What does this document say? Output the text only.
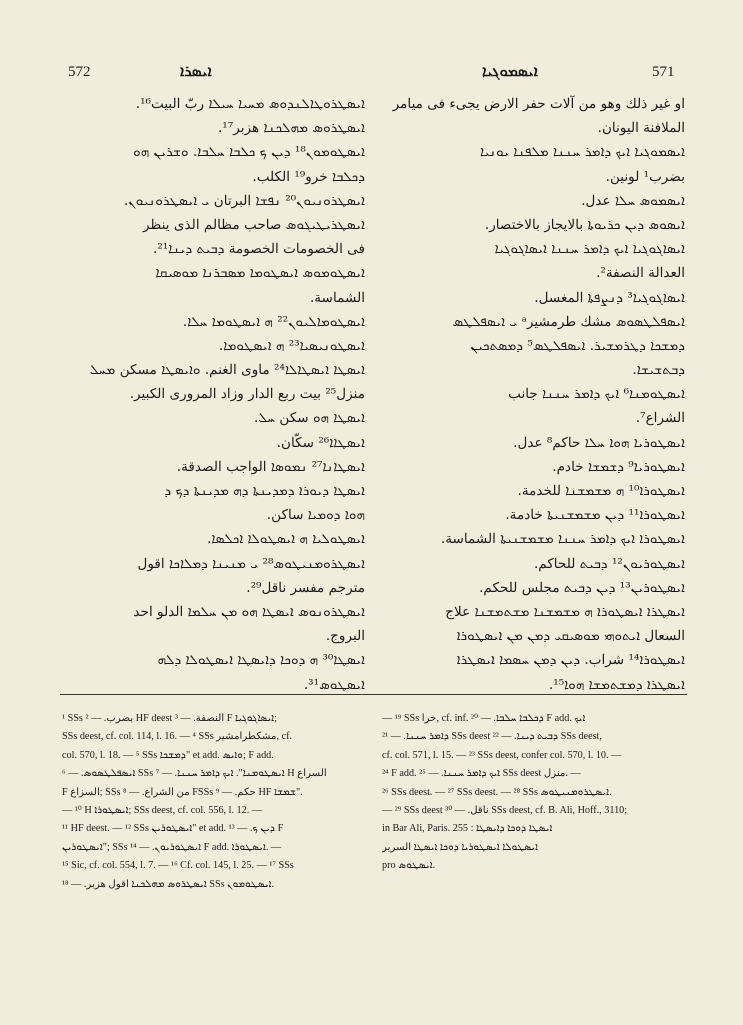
572	ܐܝܣܪܐ	ܐܝܣܡܘܓܝܐ	571
ܐܝܣܛܪܘܛܐܠܢܕܘܣ ܡܚܝܐ ܚܝܠܐ ربّ البيت¹⁶.
ܐܝܣܛܪܘܣ ܡܗܠܟܢܐ هزبر¹⁷.
ܐܝܣܛܘܡܘܢ¹⁸ ܕܝܢ ܟ ܟܠܒܐ ܚܠܒܐ. ܘܫܪܝܢ ܗܘ
ܕܟܠܒܐ خرو¹⁹ الكلب.
ܐܝܣܛܪܘܢܝܘܢ²⁰ ܢܦܫܐ البرتان ܝ ܐܝܣܛܪܘܢܝܘܢ.
ܐܝܣܛܪܝܛܝܓܘܣ صاحب مظالم الذى ينظر
فى الخصومات الخصومة ܕܒܝܬ ܕܝܢܐ²¹.
ܐܝܣܛܘܡܘܣ ܐܝܣܛܘܡܐ ܡܣܒܪܢܐ ܡܘܣܝܩܐ
الشماسة.
ܐܝܣܛܘܡܐܠܝܘܢ²² ܗ ܐܝܣܛܘܡܐ ܚܠܐ.
ܐܝܣܛܘܢܝܣܝܐ²³ ܗ ܐܝܣܛܘܡܐ.
ܐܝܣܛܐ ܐܝܣܛܐܠܐ²⁴ ماوى الغنم. ܘܐܝܣܛܐ مسكن ܡܚܠ
منزل²⁵ بيت ربع الدار وزاد المرورى الكبير.
ܐܝܣܛܐ ܗܘ سكن ܚܠ.
ܐܝܣܛܐܐ²⁶ سكّان.
ܐܝܣܛܐܢܐ²⁷ ܢܡܘܣܐ الواجب الصدقة.
ܐܝܣܛܐ ܕܝܘܪܐ ܕܡܕܝܢܬܐ ܕܗ ܡܕܝܢܬܐ ܕܟ ܕ
ܗܘܐ ܕܘܡܝܐ ساكن.
ܐܝܣܛܘܠܝܐ ܗ ܐܝܣܛܘܠܐ ܐܟܠܣܐ.
ܐܝܣܛܪܘܡܢܝܛܘܣ²⁸ ܝ ܡܢܝܢܐ ܕܡܠܐܟܐ اقول
مترجم مفسر ناقل²⁹.
ܐܝܣܛܪܘܢܘܣ ܐܝܣܛܐ ܗܘ ܡܢ ܚܠܡܐ الدلو احد
البروج.
ܐܝܣܛܐ³⁰ ܗ ܕܘܟܐ ܕܐܝܣܛܐ ܐܝܣܛܘܠܐ ܕܠܗ
ܐܝܣܛܘܣ³¹.
او غير ذلك وهو من آلات حفر الارض يجىء فى ميامر
الملافنة اليونان.
ܐܝܣܡܘܓܝܐ ܐܝܟ ܕܐܡܪ ܚܢܢܐ ܡܠܦܢܐ ܝܘܢܝܐ
بضرب¹ لونين.
ܐܝܣܡܘܣ ܚܠܐ عدل.
ܐܝܣܘܣ ܕܝܢ ܟܪܝܘܬܐ بالايجاز بالاختصار.
ܐܝܣܐܓܘܓܝܐ ܐܝܟ ܕܐܡܪ ܚܢܢܐ ܐܝܣܐܓܘܓܝܐ
العدالة النصفة².
ܐܝܣܐܓܘܓܝܐ³ ܕܢܨܦܬܐ المغسل.
ܐܝܣܦܠܛܣܘܣ مشك طرمشيرᵃ ܝ ܐܝܣܦܠܛܣ
ܕܡܫܟܐ ܕܛܪܡܫܝܪ. ܐܝܣܦܠܛܣ⁵ ܕܡܣܬܟܝܢ
ܕܒܬܫܝܫܐ.
ܐܝܣܛܘܡܢܐ⁶ ܐܝܟ ܕܐܡܪ ܚܢܢܐ جانب
الشراع⁷.
ܐܝܣܛܘܪܝܐ ܗܘܐ ܚܠܐ حاكم⁸ عدل.
ܐܝܣܛܘܪܝܐ⁹ ܕܫܡܫܐ خادم.
ܐܝܣܛܘܪܐ¹⁰ ܗ ܡܫܡܫܢܐ للخدمة.
ܐܝܣܛܘܪܐ¹¹ ܕܝܢ ܡܫܡܫܢܝܬܐ خادمة.
ܐܝܣܛܘܪܐ ܐܝܟ ܕܐܡܪ ܚܢܢܐ ܡܫܡܫܢܝܬܐ الشماسة.
ܐܝܣܛܘܪܝܘܢ¹² ܕܒܝܬ للحاكم.
ܐܝܣܛܘܪܝܢ¹³ ܕܝܢ ܕܒܝܬ مجلس للحكم.
ܐܝܣܛܪܐ ܐܝܣܛܘܪܐ ܗ ܡܫܡܫܢܐ ܡܫܬܡܫܢܐ علاج
السعال ܐܝܬܘܗܝ ܡܘܣܝܩܝ ܕܡܢ ܡܢ ܐܝܣܛܘܪܐ
ܐܝܣܛܘܪܐ¹⁴ شراب. ܕܝܢ ܕܡܢ ܚܣܡܐ ܐܝܣܛܪܐ
ܐܝܣܛܪܐ ܕܡܫܬܡܫܐ ܗܘܐ¹⁵.
¹ SSs بضرب. — ² HF deest النصفة. — ³ F ܐܝܣܐܓܘܓܝܐ;
SSs deest, cf. col. 114, l. 16. — ⁴ SSs مشكطرامشير, cf.
col. 570, l. 18. — ⁵ SSs ܕܡܫܟܐ" et add. ܘܐܝܣ; F add.
ܐܝܣܦܠܛܣܘܣ. — ⁶ SSs ܐܝܣܛܘܡܢܐ". ܐܝܟ ܕܐܡܪ ܚܢܢܐ. — ⁷ H السراع
F السزاع; SSs من الشراع. — ⁸ FSSs حكم. — ⁹ HF ܫܡܫܐ".
— ¹⁰ H ܐܝܣܛܘܪܐ; SSs deest, cf. col. 556, l. 12. —
¹¹ HF deest. — ¹² SSs ܐܝܣܛܘܪܝܢ" et add. ܕܝܢ ܟ. — ¹³ F
ܐܝܣܛܘܪܝܢ"; SSs ܐܝܣܛܘܪܝܘܢ. — ¹⁴ F add. ܐܝܣܛܘܪܐ. —
¹⁵ Sic, cf. col. 554, l. 7. — ¹⁶ Cf. col. 145, l. 25. — ¹⁷ SSs
ܐܝܣܛܪܘܣ ܡܗܠܟܢܐ اقول هزبر. — ¹⁸ SSs ܐܝܣܛܘܡܘܢ.
— ¹⁹ SSs خرا, cf. inf. ܕܟܠܒܐ ܚܠܒܐ. — ²⁰ F add. ܐܝܟ
ܕܐܡܪ ܚܢܢܐ. — ²¹ SSs deest ܕܒܝܬ ܕܝܢܐ. — ²² SSs deest,
cf. col. 571, l. 15. — ²³ SSs deest, confer col. 570, l. 10. —
²⁴ F add. ܐܝܟ ܕܐܡܪ ܚܢܢܐ. — ²⁵ SSs deest منزل. —
²⁶ SSs deest. — ²⁷ SSs deest. — ²⁸ SSs ܐܝܣܛܪܘܡܢܝܛܘܣ.
— ²⁹ SSs deest ناقل. — ³⁰ SSs deest, cf. B. Ali, Hoff., 3110;
in Bar Ali, Paris. 255 : ܐܝܣܛܐ ܕܘܟܐ ܕܐܝܣܛܐ
ܐܝܣܛܘܠܐ ܐܝܣܛܘܪܝܐ ܕܘܟܐ ܐܝܣܛܐ السرير
pro ܐܝܣܛܘܣ.
